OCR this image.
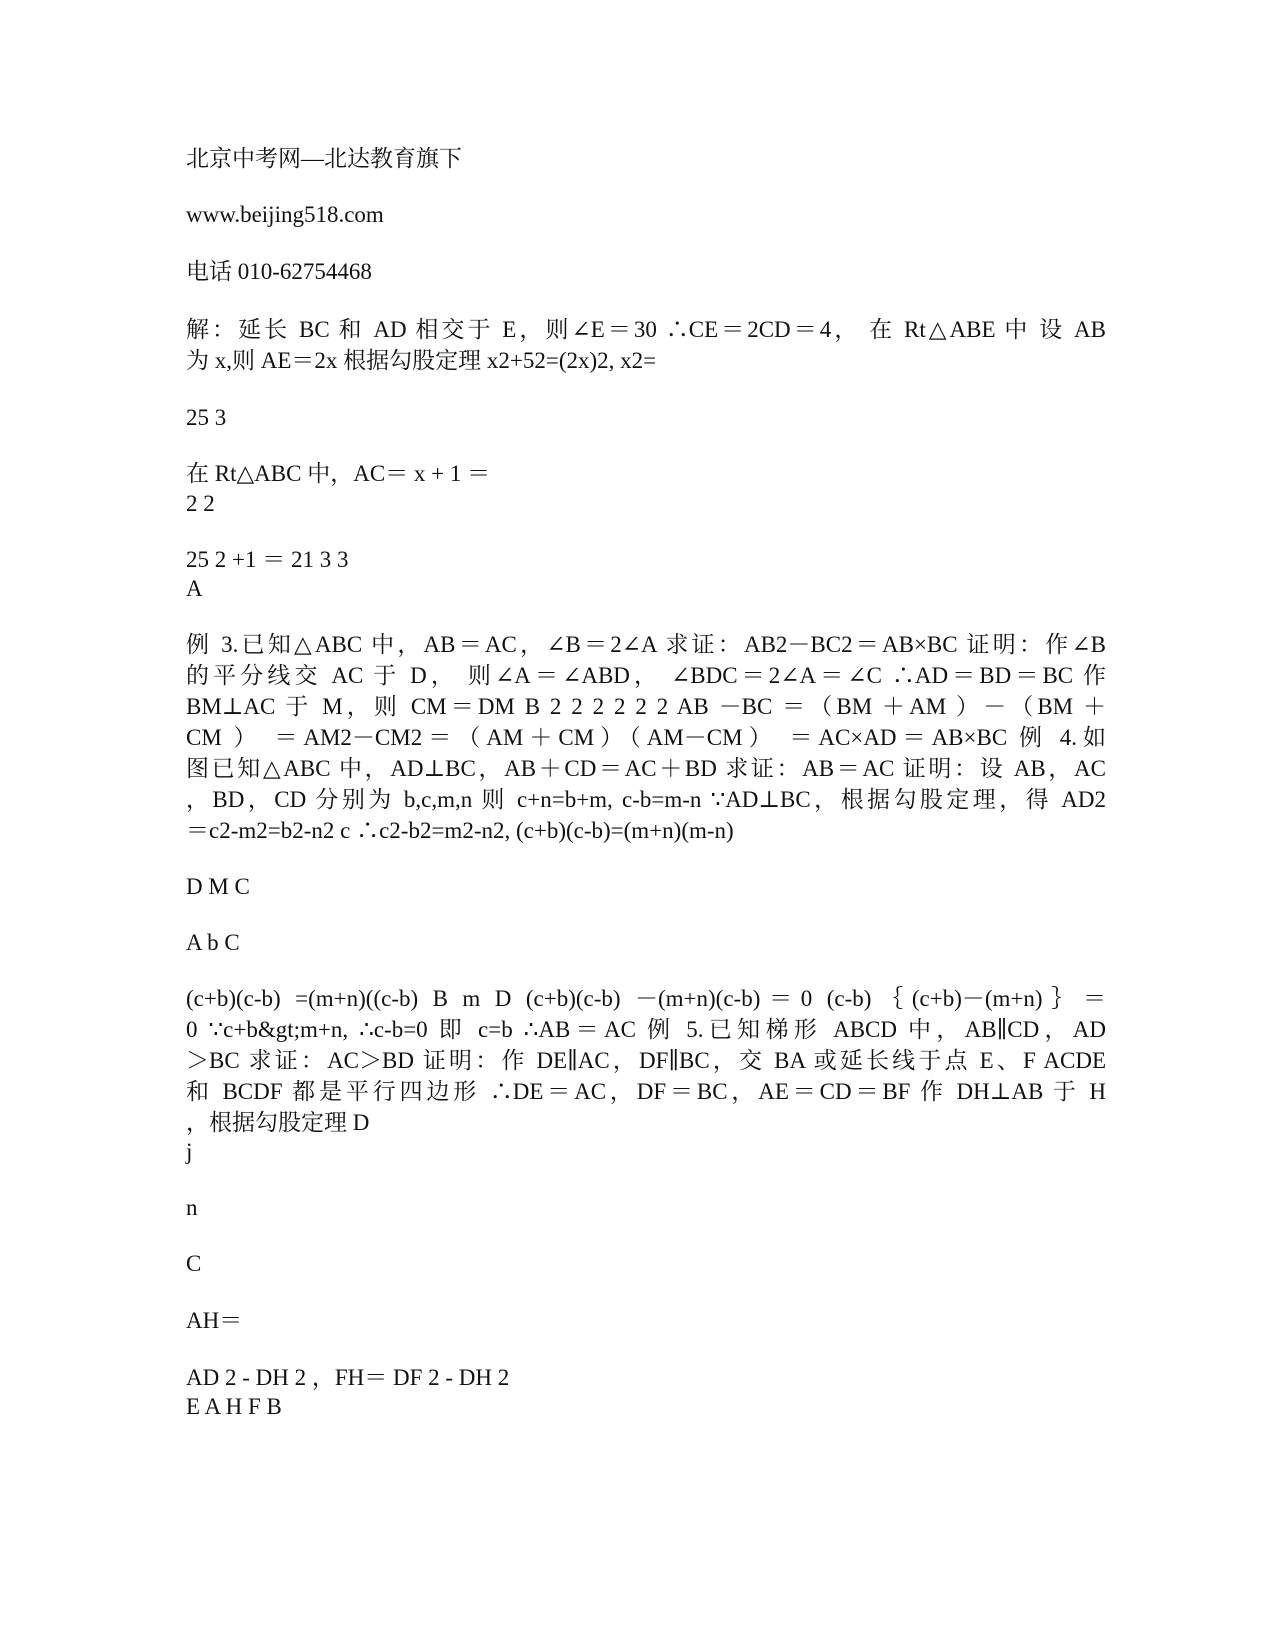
北京中考网—北达教育旗下
www.beijing518.com
电话 010-62754468
解：延长 BC 和 AD 相交于 E，则∠E＝30 ∴CE＝2CD＝4， 在 Rt△ABE 中 设 AB
为 x,则 AE＝2x 根据勾股定理 x2+52=(2x)2, x2=
25 3
在 Rt△ABC 中，AC＝ x + 1 ＝
2 2
25 2 +1 ＝ 21 3 3
A
例 3.已知△ABC 中，AB＝AC，∠B＝2∠A 求证：AB2－BC2＝AB×BC 证明：作∠B
的平分线交 AC 于 D， 则∠A＝∠ABD， ∠BDC＝2∠A＝∠C ∴AD＝BD＝BC 作
BM⊥AC 于 M，则 CM＝DM B 2 2 2 2 2 2 AB －BC ＝（BM ＋AM ）－（BM ＋
CM ） ＝AM2－CM2＝（AM＋CM）（AM－CM） ＝AC×AD＝AB×BC 例 4.如
图已知△ABC 中，AD⊥BC，AB＋CD＝AC＋BD 求证：AB＝AC 证明：设 AB，AC
，BD，CD 分别为 b,c,m,n 则 c+n=b+m, c-b=m-n ∵AD⊥BC，根据勾股定理，得 AD2
＝c2-m2=b2-n2 c ∴c2-b2=m2-n2, (c+b)(c-b)=(m+n)(m-n)
D M C
A b C
(c+b)(c-b) =(m+n)((c-b) B m D (c+b)(c-b) －(m+n)(c-b)＝0 (c-b)｛(c+b)－(m+n)｝＝
0 ∵c+b&gt;m+n, ∴c-b=0 即 c=b ∴AB＝AC 例 5.已知梯形 ABCD 中，AB∥CD，AD
＞BC 求证：AC＞BD 证明：作 DE∥AC，DF∥BC，交 BA 或延长线于点 E、F ACDE
和 BCDF 都是平行四边形 ∴DE＝AC，DF＝BC，AE＝CD＝BF 作 DH⊥AB 于 H
，根据勾股定理 D
j
n
C
AH＝
AD 2 - DH 2 ，FH＝ DF 2 - DH 2
E A H F B
